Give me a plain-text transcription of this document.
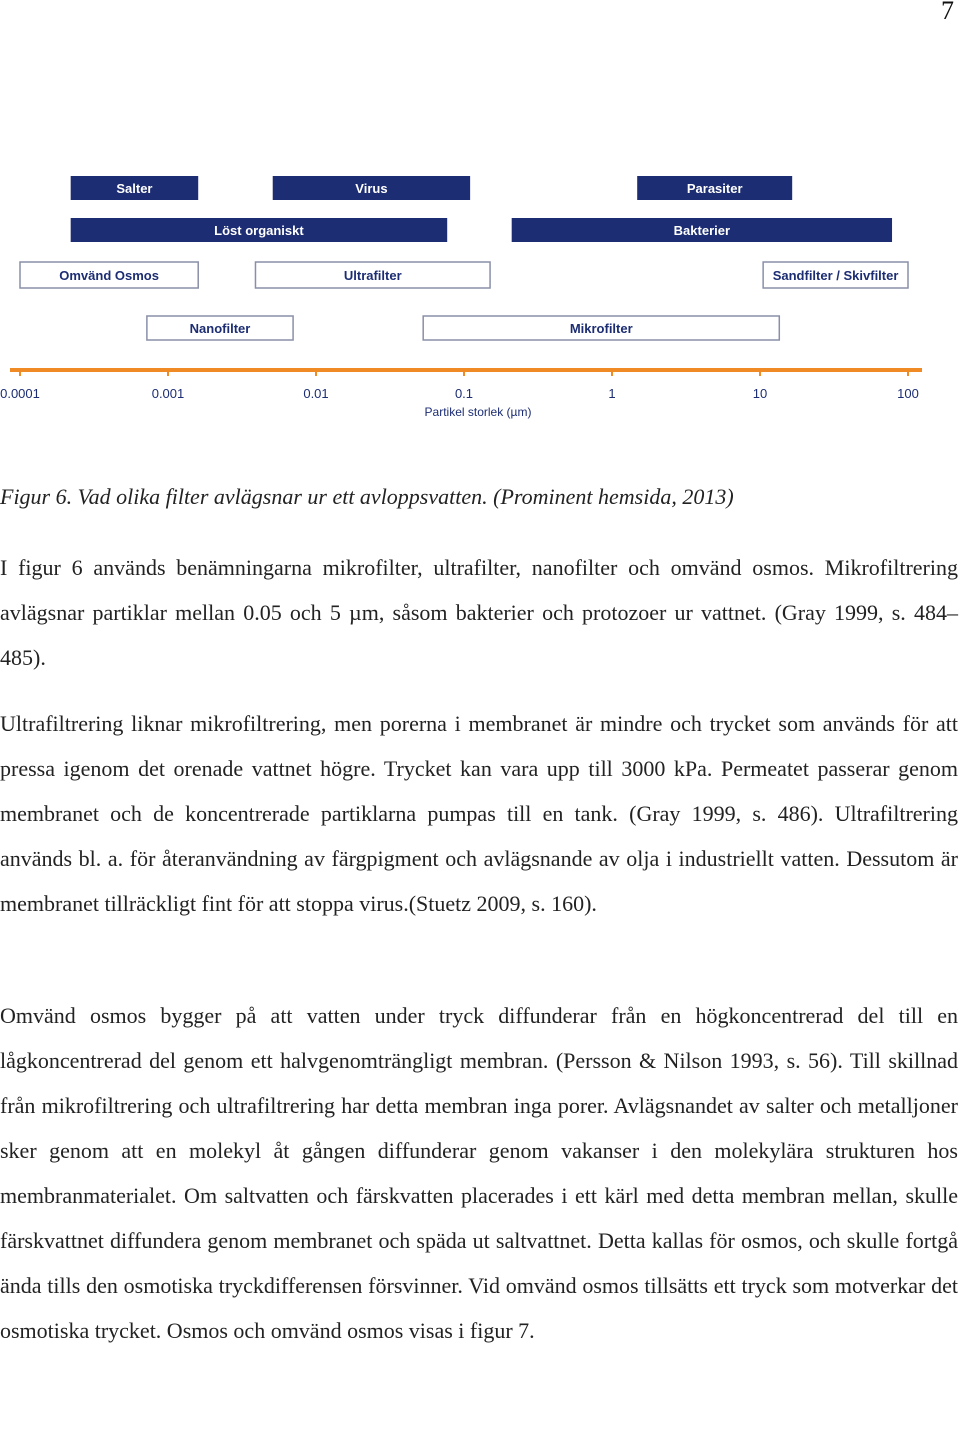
7
Salter	Virus	Parasiter
Löst organiskt	Bakterier
Omvänd Osmos	Ultrafilter	Sandfilter / Skivfilter
Nanofilter	Mikrofilter
0.0001	0.001	0.01	0.1	1	10	100
Partikel storlek (µm)
Figur 6. Vad olika filter avlägsnar ur ett avloppsvatten. (Prominent hemsida, 2013)

I figur 6 används benämningarna mikrofilter, ultrafilter, nanofilter och omvänd osmos. Mikrofiltrering avlägsnar partiklar mellan 0.05 och 5 µm, såsom bakterier och protozoer ur vattnet. (Gray 1999, s. 484–485).

Ultrafiltrering liknar mikrofiltrering, men porerna i membranet är mindre och trycket som används för att pressa igenom det orenade vattnet högre. Trycket kan vara upp till 3000 kPa. Permeatet passerar genom membranet och de koncentrerade partiklarna pumpas till en tank. (Gray 1999, s. 486). Ultrafiltrering används bl. a. för återanvändning av färgpigment och avlägsnande av olja i industriellt vatten. Dessutom är membranet tillräckligt fint för att stoppa virus.(Stuetz 2009, s. 160).

Omvänd osmos bygger på att vatten under tryck diffunderar från en högkoncentrerad del till en lågkoncentrerad del genom ett halvgenomträngligt membran. (Persson & Nilson 1993, s. 56). Till skillnad från mikrofiltrering och ultrafiltrering har detta membran inga porer. Avlägsnandet av salter och metalljoner sker genom att en molekyl åt gången diffunderar genom vakanser i den molekylära strukturen hos membranmaterialet. Om saltvatten och färskvatten placerades i ett kärl med detta membran mellan, skulle färskvattnet diffundera genom membranet och späda ut saltvattnet. Detta kallas för osmos, och skulle fortgå ända tills den osmotiska tryckdifferensen försvinner. Vid omvänd osmos tillsätts ett tryck som motverkar det osmotiska trycket. Osmos och omvänd osmos visas i figur 7.
